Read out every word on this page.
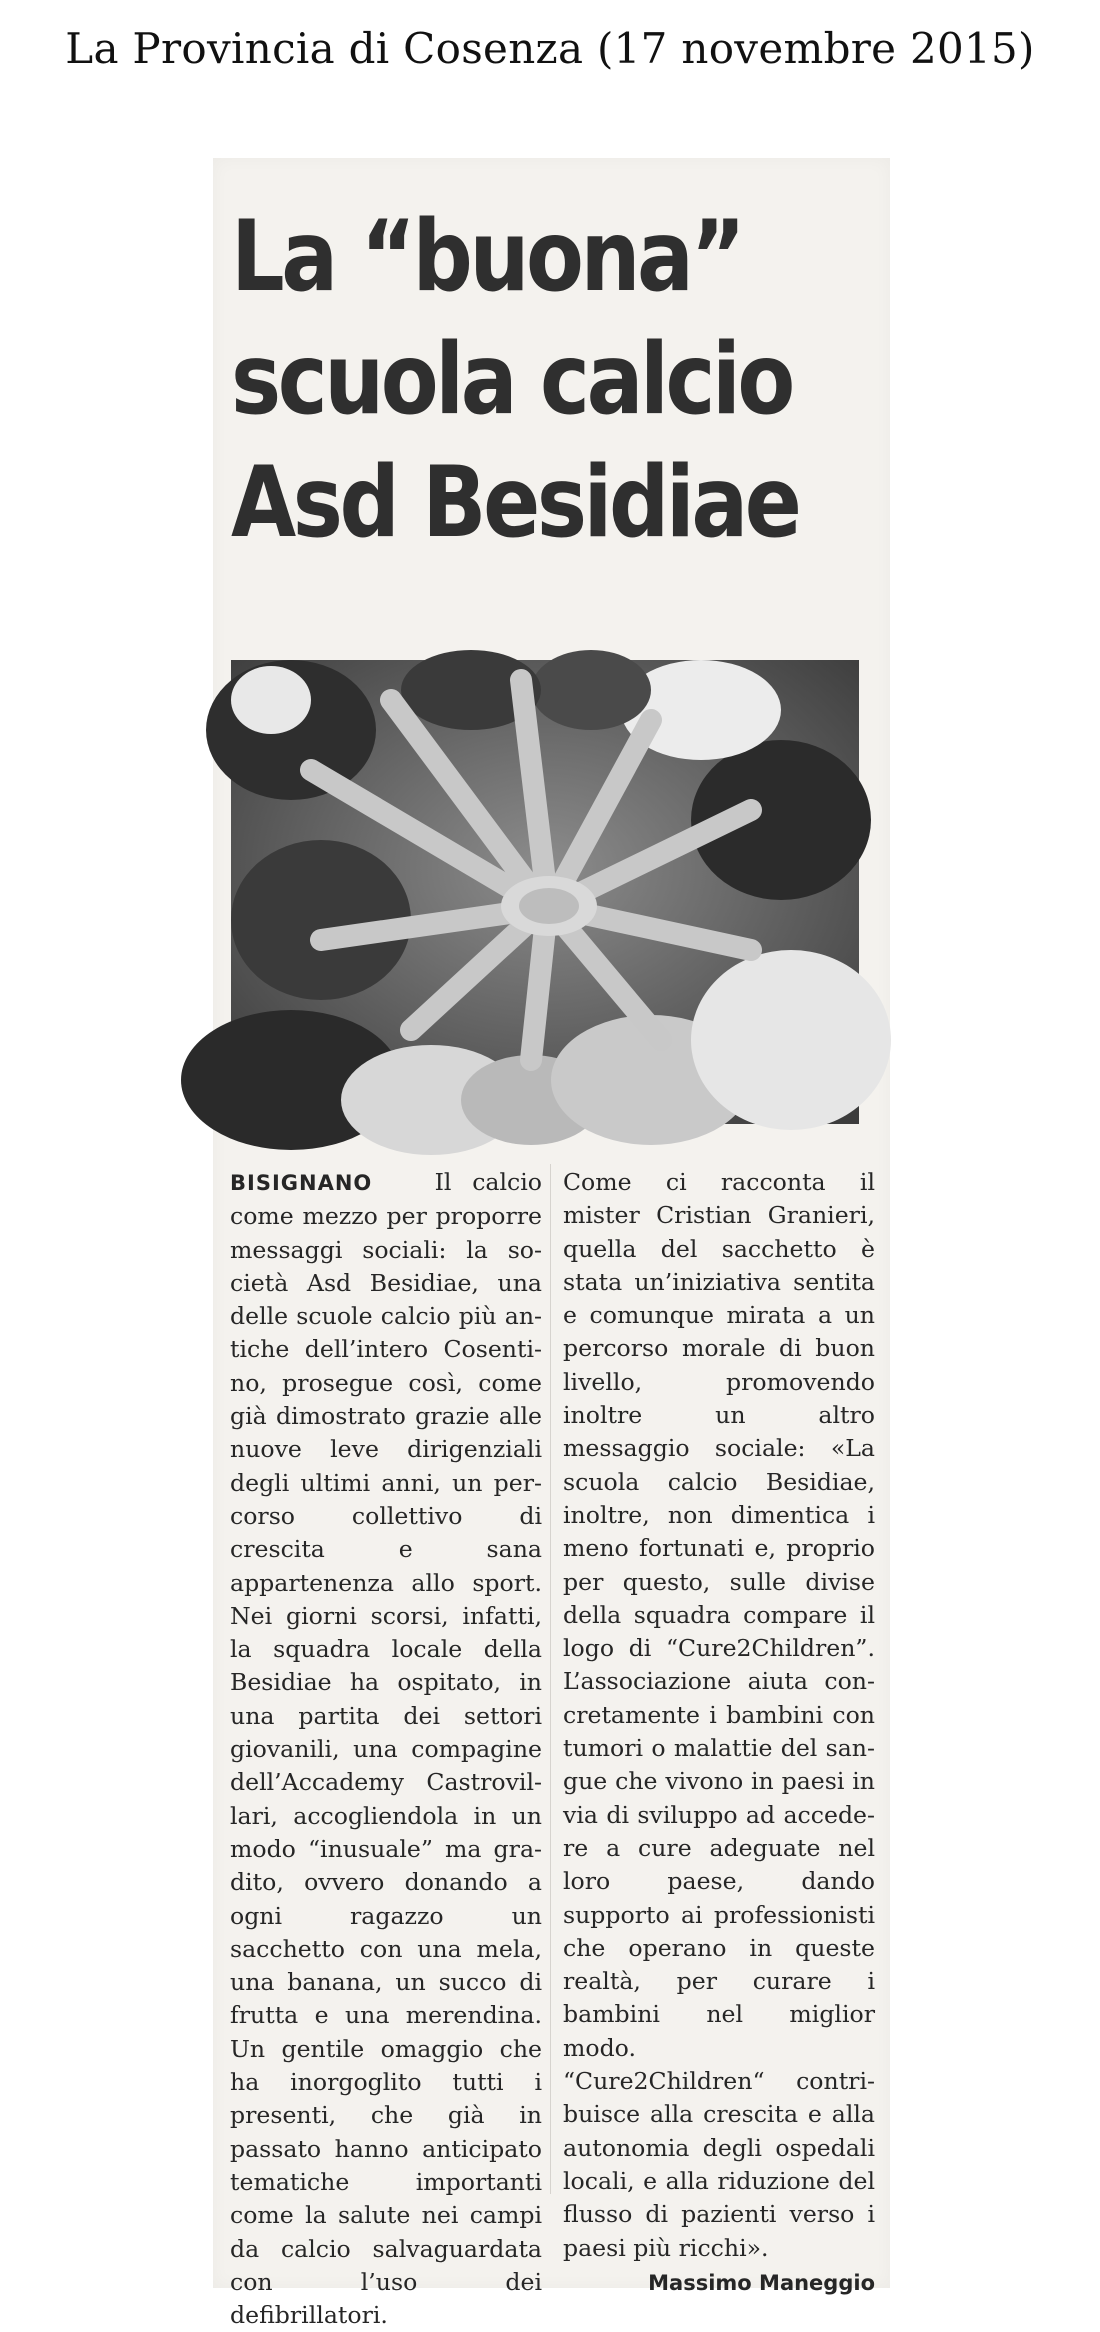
La Provincia di Cosenza (17 novembre 2015)
La “buona”
scuola calcio
Asd Besidiae

BISIGNANO	Il calcio come mezzo per proporre messaggi sociali: la società Asd Besidiae, una delle scuole calcio più antiche dell’intero Cosentino, prosegue così, come già dimostrato grazie alle nuove leve dirigenziali degli ultimi anni, un percorso collettivo di crescita e sana appartenenza allo sport. Nei giorni scorsi, infatti, la squadra locale della Besidiae ha ospitato, in una partita dei settori giovanili, una compagine dell’Accademy Castrovillari, accogliendola in un modo “inusuale” ma gradito, ovvero donando a ogni ragazzo un sacchetto con una mela, una banana, un succo di frutta e una merendina. Un gentile omaggio che ha inorgoglito tutti i presenti, che già in passato hanno anticipato tematiche importanti come la salute nei campi da calcio salvaguardata con l’uso dei defibrillatori.

Come ci racconta il mister Cristian Granieri, quella del sacchetto è stata un’iniziativa sentita e comunque mirata a un percorso morale di buon livello, promovendo inoltre un altro messaggio sociale: «La scuola calcio Besidiae, inoltre, non dimentica i meno fortunati e, proprio per questo, sulle divise della squadra compare il logo di “Cure2Children”. L’associazione aiuta concretamente i bambini con tumori o malattie del sangue che vivono in paesi in via di sviluppo ad accedere a cure adeguate nel loro paese, dando supporto ai professionisti che operano in queste realtà, per curare i bambini nel miglior modo.

“Cure2Children“ contribuisce alla crescita e alla autonomia degli ospedali locali, e alla riduzione del flusso di pazienti verso i paesi più ricchi».

Massimo Maneggio
